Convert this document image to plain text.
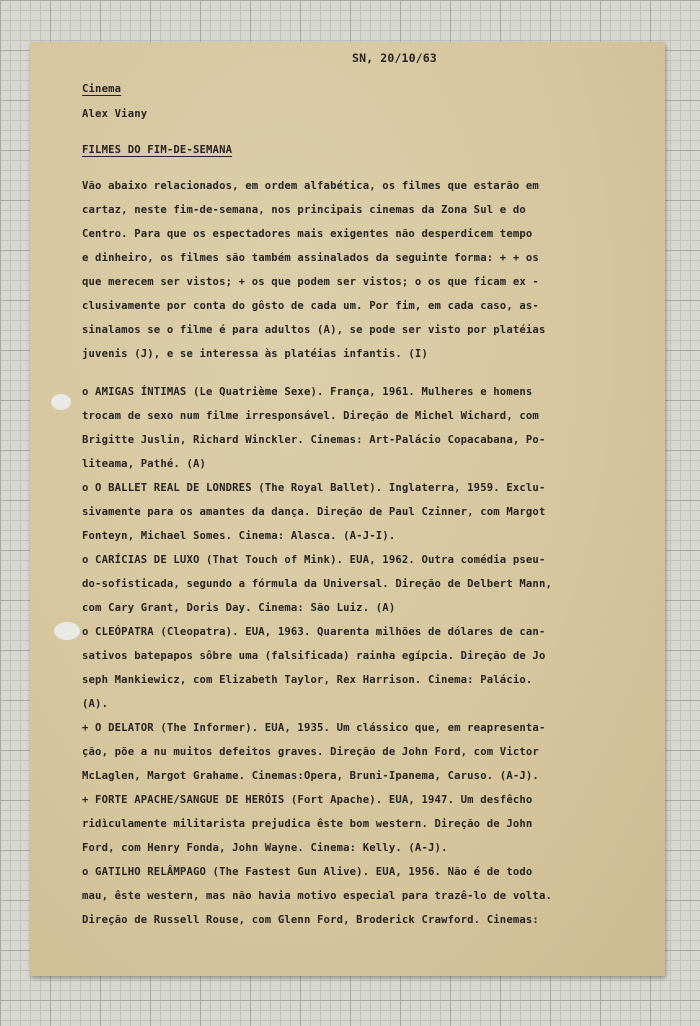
SN, 20/10/63
Cinema
Alex Viany
FILMES DO FIM-DE-SEMANA
Vão abaixo relacionados, em ordem alfabética, os filmes que estarão em
cartaz, neste fim-de-semana, nos principais cinemas da Zona Sul e do
Centro. Para que os espectadores mais exigentes não desperdicem tempo
e dinheiro, os filmes são também assinalados da seguinte forma: + + os
que merecem ser vistos; + os que podem ser vistos; o os que ficam ex -
clusivamente por conta do gôsto de cada um. Por fim, em cada caso, as-
sinalamos se o filme é para adultos (A), se pode ser visto por platéias
juvenis (J), e se interessa às platéias infantis. (I)
o AMIGAS ÍNTIMAS (Le Quatrième Sexe). França, 1961. Mulheres e homens
trocam de sexo num filme irresponsável. Direção de Michel Wichard, com
Brigitte Juslin, Richard Winckler. Cinemas: Art-Palácio Copacabana, Po-
liteama, Pathé. (A)
o O BALLET REAL DE LONDRES (The Royal Ballet). Inglaterra, 1959. Exclu-
sivamente para os amantes da dança. Direção de Paul Czinner, com Margot
Fonteyn, Michael Somes. Cinema: Alasca. (A-J-I).
o CARÍCIAS DE LUXO (That Touch of Mink). EUA, 1962. Outra comédia pseu-
do-sofisticada, segundo a fórmula da Universal. Direção de Delbert Mann,
com Cary Grant, Doris Day. Cinema: São Luiz. (A)
o CLEÓPATRA (Cleopatra). EUA, 1963. Quarenta milhões de dólares de can-
sativos batepapos sôbre uma (falsificada) rainha egípcia. Direção de Jo
seph Mankiewicz, com Elizabeth Taylor, Rex Harrison. Cinema: Palácio.
(A).
+ O DELATOR (The Informer). EUA, 1935. Um clássico que, em reapresenta-
ção, põe a nu muitos defeitos graves. Direção de John Ford, com Victor
McLaglen, Margot Grahame. Cinemas:Opera, Bruni-Ipanema, Caruso. (A-J).
+ FORTE APACHE/SANGUE DE HERÓIS (Fort Apache). EUA, 1947. Um desfêcho
ridìculamente militarista prejudica êste bom western. Direção de John
Ford, com Henry Fonda, John Wayne. Cinema: Kelly. (A-J).
o GATILHO RELÂMPAGO (The Fastest Gun Alive). EUA, 1956. Não é de todo
mau, êste western, mas não havia motivo especial para trazê-lo de volta.
Direção de Russell Rouse, com Glenn Ford, Broderick Crawford. Cinemas:
